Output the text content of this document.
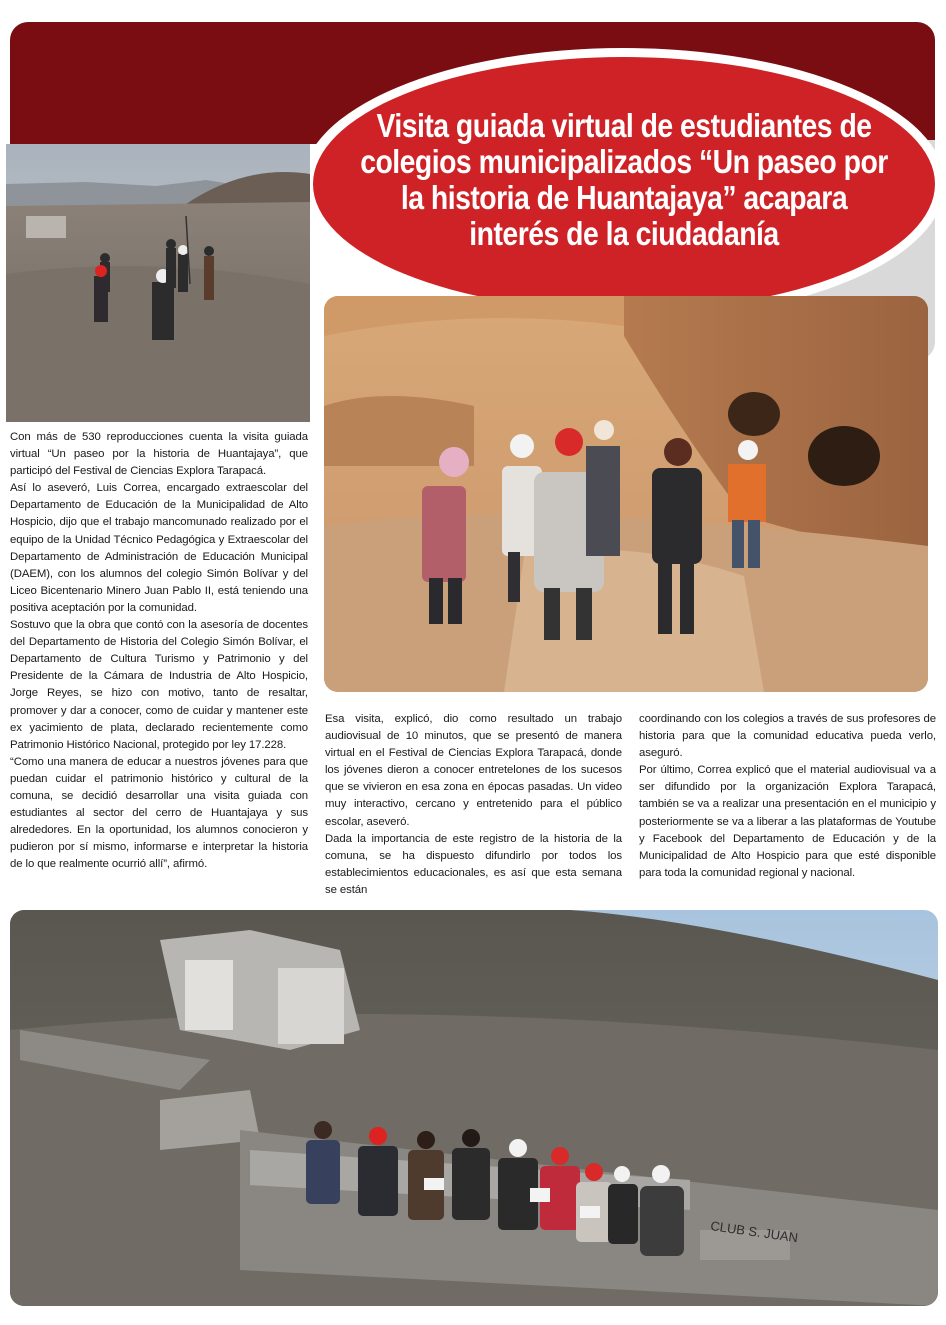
Visita guiada virtual de estudiantes de colegios municipalizados “Un paseo por la historia de Huantajaya” acapara interés de la ciudadanía
CLUB S. JUAN

Con más de 530 reproducciones cuenta la visita guiada virtual “Un paseo por la historia de Huantajaya”, que participó del Festival de Ciencias Explora Tarapacá.

Así lo aseveró, Luis Correa, encargado extraescolar del Departamento de Educación de la Municipalidad de Alto Hospicio, dijo que el trabajo mancomunado realizado por el equipo de la Unidad Técnico Pedagógica y Extraescolar del Departamento de Administración de Educación Municipal (DAEM), con los alumnos del colegio Simón Bolívar y del Liceo Bicentenario Minero Juan Pablo II, está teniendo una positiva aceptación por la comunidad.

Sostuvo que la obra que contó con la asesoría de docentes del Departamento de Historia del Colegio Simón Bolívar, el Departamento de Cultura Turismo y Patrimonio y del Presidente de la Cámara de Industria de Alto Hospicio, Jorge Reyes, se hizo con motivo, tanto de resaltar, promover y dar a conocer, como de cuidar y mantener este ex yacimiento de plata, declarado recientemente como Patrimonio Histórico Nacional, protegido por ley 17.228.

“Como una manera de educar a nuestros jóvenes para que puedan cuidar el patrimonio histórico y cultural de la comuna, se decidió desarrollar una visita guiada con estudiantes al sector del cerro de Huantajaya y sus alrededores. En la oportunidad, los alumnos conocieron y pudieron por sí mismo, informarse e interpretar la historia de lo que realmente ocurrió allí”, afirmó.

Esa visita, explicó, dio como resultado un trabajo audiovisual de 10 minutos, que se presentó de manera virtual en el Festival de Ciencias Explora Tarapacá, donde los jóvenes dieron a conocer entretelones de los sucesos que se vivieron en esa zona en épocas pasadas. Un video muy interactivo, cercano y entretenido para el público escolar, aseveró.

Dada la importancia de este registro de la historia de la comuna, se ha dispuesto difundirlo por todos los establecimientos educacionales, es así que esta semana se están

coordinando con los colegios a través de sus profesores de historia para que la comunidad educativa pueda verlo, aseguró.

Por último, Correa explicó que el material audiovisual va a ser difundido por la organización Explora Tarapacá, también se va a realizar una presentación en el municipio y posteriormente se va a liberar a las plataformas de Youtube y Facebook del Departamento de Educación y de la Municipalidad de Alto Hospicio para que esté disponible para toda la comunidad regional y nacional.
